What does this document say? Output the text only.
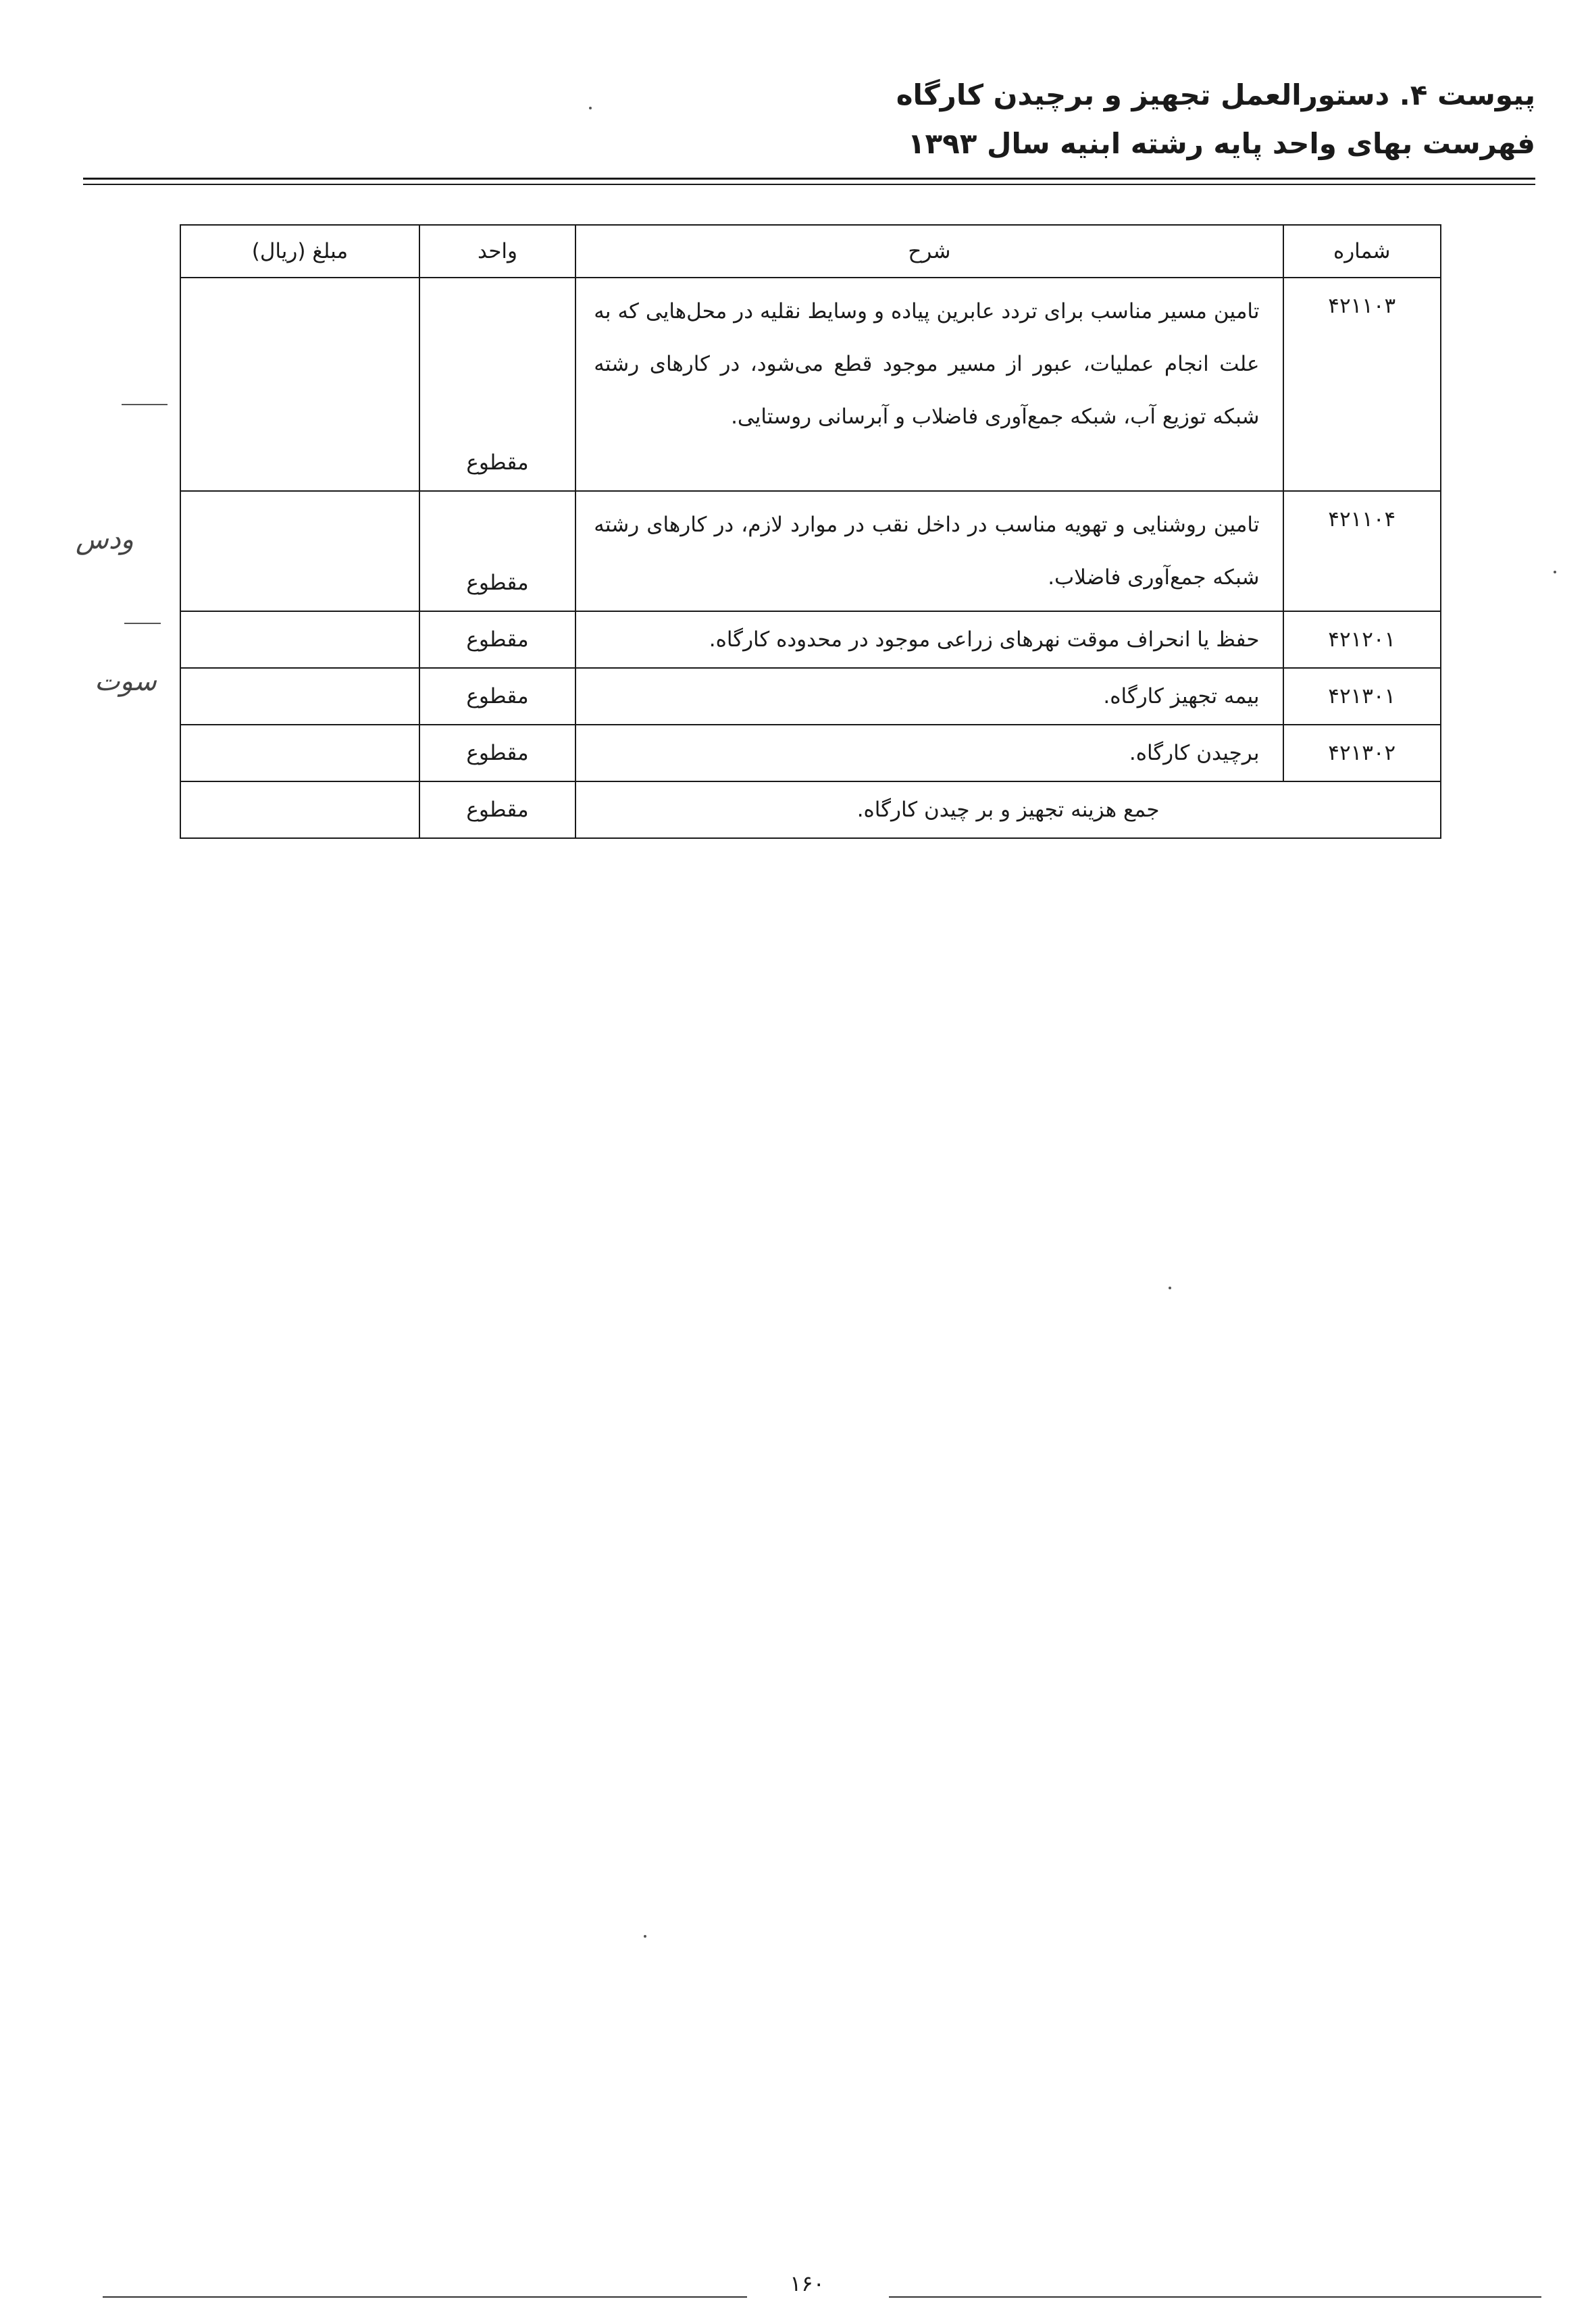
پیوست ۴. دستورالعمل تجهیز و برچیدن کارگاه
فهرست بهای واحد پایه رشته ابنیه سال ۱۳۹۳
شماره	شرح	واحد	مبلغ (ریال)
۴۲۱۱۰۳	تامین مسیر مناسب برای تردد عابرین پیاده و وسایط نقلیه در محل‌هایی که به علت انجام عملیات، عبور از مسیر موجود قطع می‌شود، در کارهای رشته شبکه توزیع آب، شبکه جمع‌آوری فاضلاب و آبرسانی روستایی.	مقطوع	
۴۲۱۱۰۴	تامین روشنایی و تهویه مناسب در داخل نقب در موارد لازم، در کارهای رشته شبکه جمع‌آوری فاضلاب.	مقطوع	
۴۲۱۲۰۱	حفظ یا انحراف موقت نهرهای زراعی موجود در محدوده کارگاه.	مقطوع	
۴۲۱۳۰۱	بیمه تجهیز کارگاه.	مقطوع	
۴۲۱۳۰۲	برچیدن کارگاه.	مقطوع	
جمع هزینه تجهیز و بر چیدن کارگاه.		مقطوع	
ودس
سوت
۱۶۰
